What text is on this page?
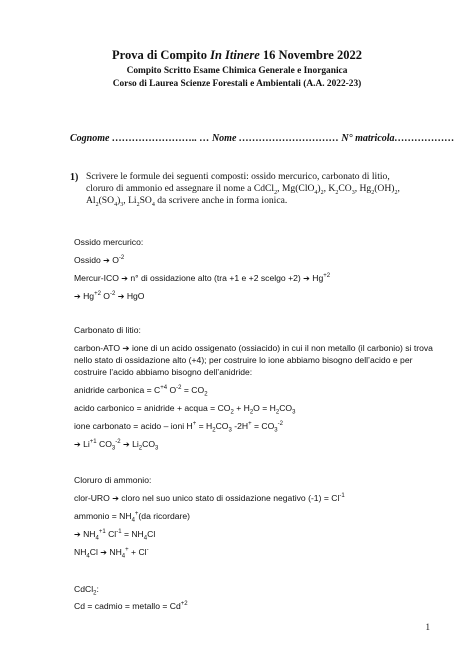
Prova di Compito In Itinere 16 Novembre 2022
Compito Scritto Esame Chimica Generale e Inorganica
Corso di Laurea Scienze Forestali e Ambientali (A.A. 2022-23)
Cognome …………………….. … Nome ………………………… N° matricola………………
1) Scrivere le formule dei seguenti composti: ossido mercurico, carbonato di litio, cloruro di ammonio ed assegnare il nome a CdCl$_2$, $Mg(ClO_4)_2$, $K_2CO_3$, $Hg_2(OH)_2$, $Al_2(SO_4)_3$, $Li_2SO_4$ da scrivere anche in forma ionica.
Ossido mercurico:
Ossido ➔ $O^{-2}$
Mercur-ICO ➔ n° di ossidazione alto (tra +1 e +2 scelgo +2) ➔ $Hg^{+2}$
➔ $Hg^{+2}$ $O^{-2}$ ➔ HgO
Carbonato di litio:
carbon-ATO ➔ ione di un acido ossigenato (ossiacido) in cui il non metallo (il carbonio) si trova nello stato di ossidazione alto (+4); per costruire lo ione abbiamo bisogno dell’acido e per costruire l’acido abbiamo bisogno dell’anidride:
anidride carbonica = $C^{+4}$ $O^{-2} = CO_2$
acido carbonico = anidride + acqua = $CO_2 + H_2O = H_2CO_3$
ione carbonato = acido – ioni $H^+ = H_2CO_3$ $-2H^+ = CO_3^{-2}$
➔ $Li^{+1}$ $CO_3^{-2}$ ➔ $Li_2CO_3$
Cloruro di ammonio:
clor-URO ➔ cloro nel suo unico stato di ossidazione negativo $(-1) = Cl^{-1}$
ammonio = $NH_4^+(da$ ricordare)
➔ $NH_4^{+1}$ $Cl^{-1} = NH_4Cl$
$NH_4Cl$ ➔ $NH_4^+ + Cl^-$
CdCl$_2$:
Cd = cadmio = metallo = $Cd^{+2}$
1
